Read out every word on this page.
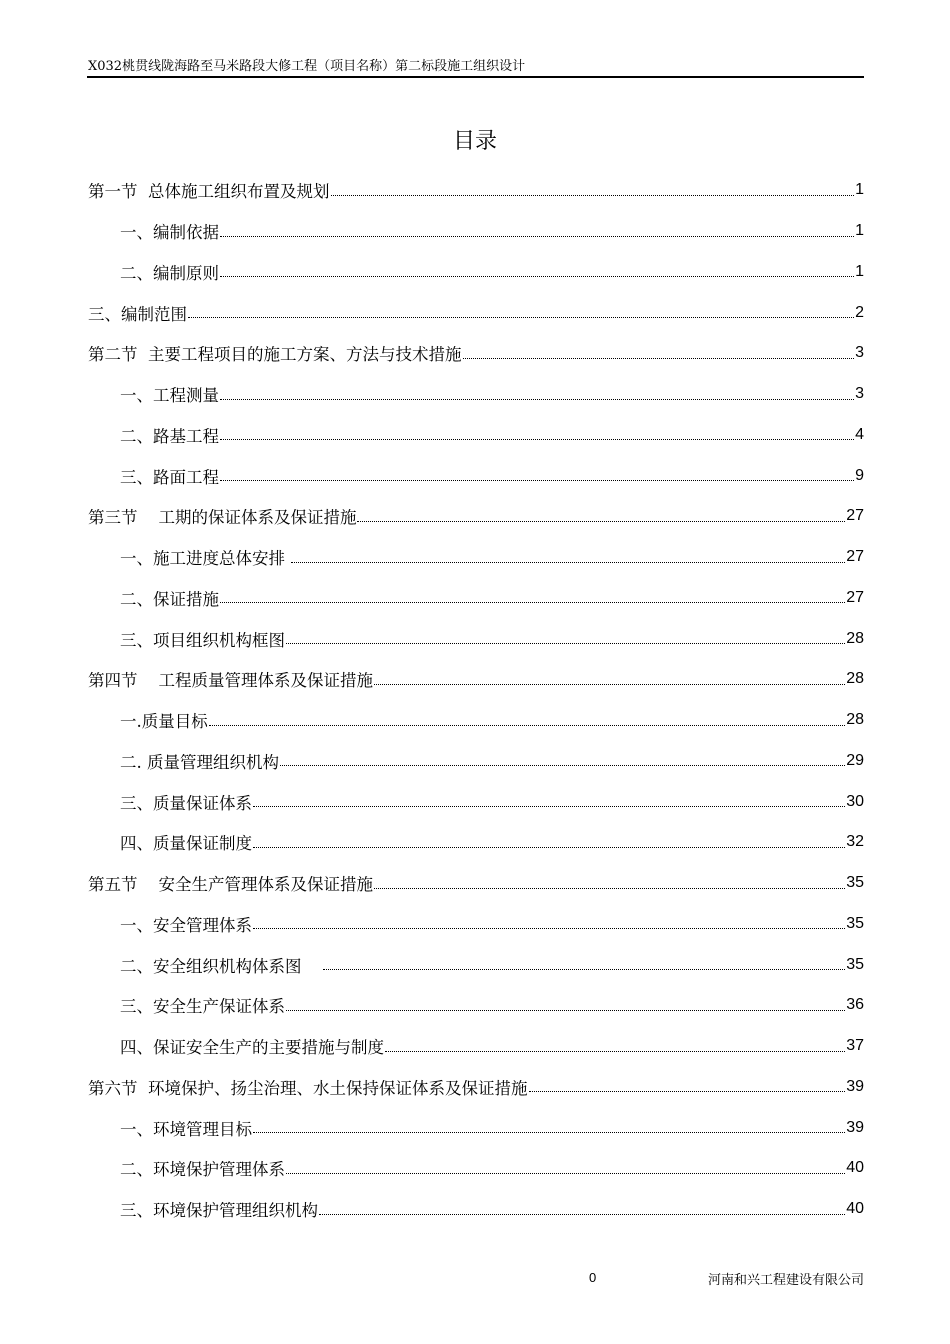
X032桃贯线陇海路至马米路段大修工程（项目名称）第二标段施工组织设计
目录
第一节  总体施工组织布置及规划	1
一、编制依据	1
二、编制原则	1
三、编制范围	2
第二节  主要工程项目的施工方案、方法与技术措施	3
一、工程测量	3
二、路基工程	4
三、路面工程	9
第三节    工期的保证体系及保证措施	27
一、施工进度总体安排	27
二、保证措施	27
三、项目组织机构框图	28
第四节    工程质量管理体系及保证措施	28
一.质量目标	28
二. 质量管理组织机构	29
三、质量保证体系	30
四、质量保证制度	32
第五节    安全生产管理体系及保证措施	35
一、安全管理体系	35
二、安全组织机构体系图	35
三、安全生产保证体系	36
四、保证安全生产的主要措施与制度	37
第六节  环境保护、扬尘治理、水土保持保证体系及保证措施	39
一、环境管理目标	39
二、环境保护管理体系	40
三、环境保护管理组织机构	40
0	河南和兴工程建设有限公司
